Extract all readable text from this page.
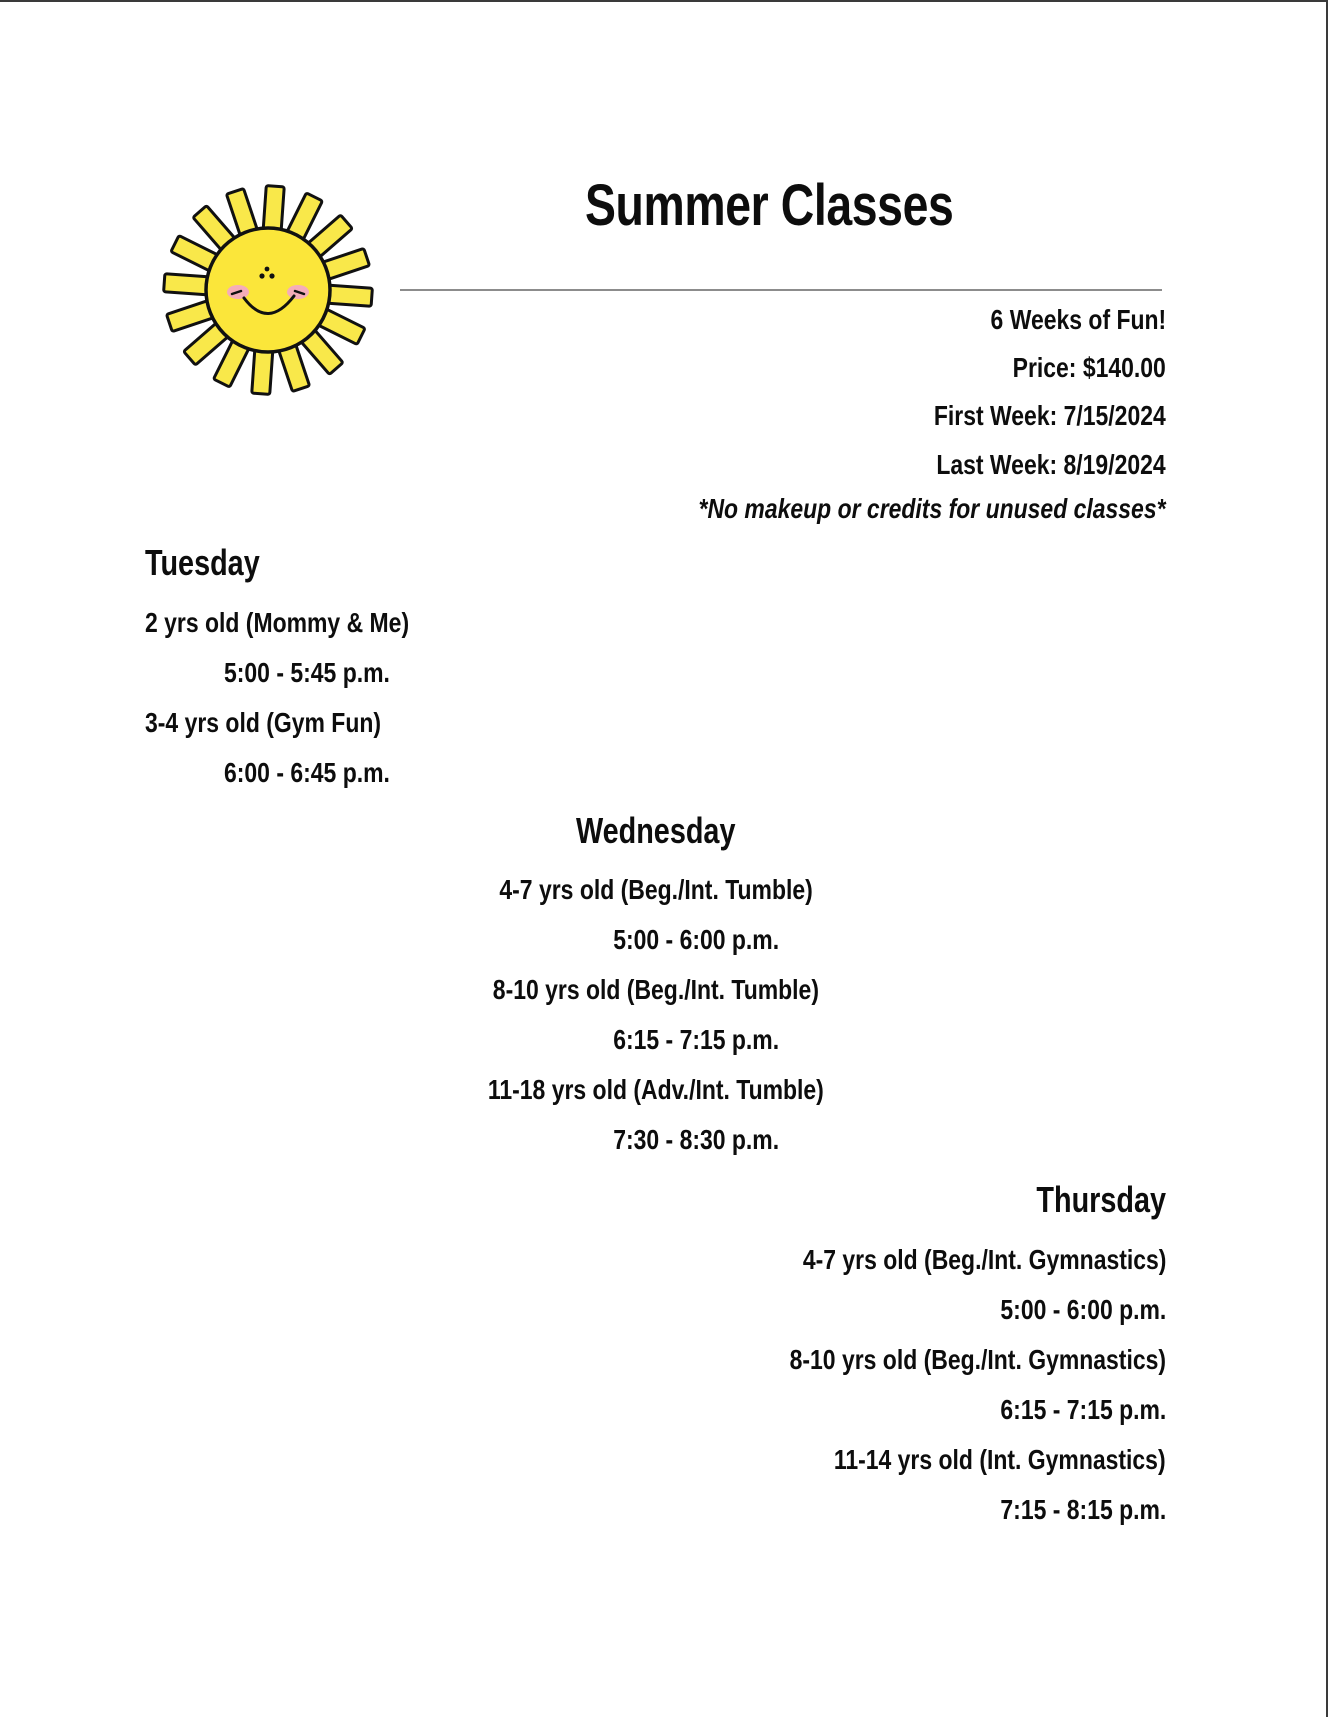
Summer Classes
6 Weeks of Fun!
Price: $140.00
First Week: 7/15/2024
Last Week: 8/19/2024
*No makeup or credits for unused classes*
Tuesday
2 yrs old (Mommy & Me)
5:00 - 5:45 p.m.
3-4 yrs old (Gym Fun)
6:00 - 6:45 p.m.
Wednesday
4-7 yrs old (Beg./Int. Tumble)
5:00 - 6:00 p.m.
8-10 yrs old (Beg./Int. Tumble)
6:15 - 7:15 p.m.
11-18 yrs old (Adv./Int. Tumble)
7:30 - 8:30 p.m.
Thursday
4-7 yrs old (Beg./Int. Gymnastics)
5:00 - 6:00 p.m.
8-10 yrs old (Beg./Int. Gymnastics)
6:15 - 7:15 p.m.
11-14 yrs old (Int. Gymnastics)
7:15 - 8:15 p.m.
